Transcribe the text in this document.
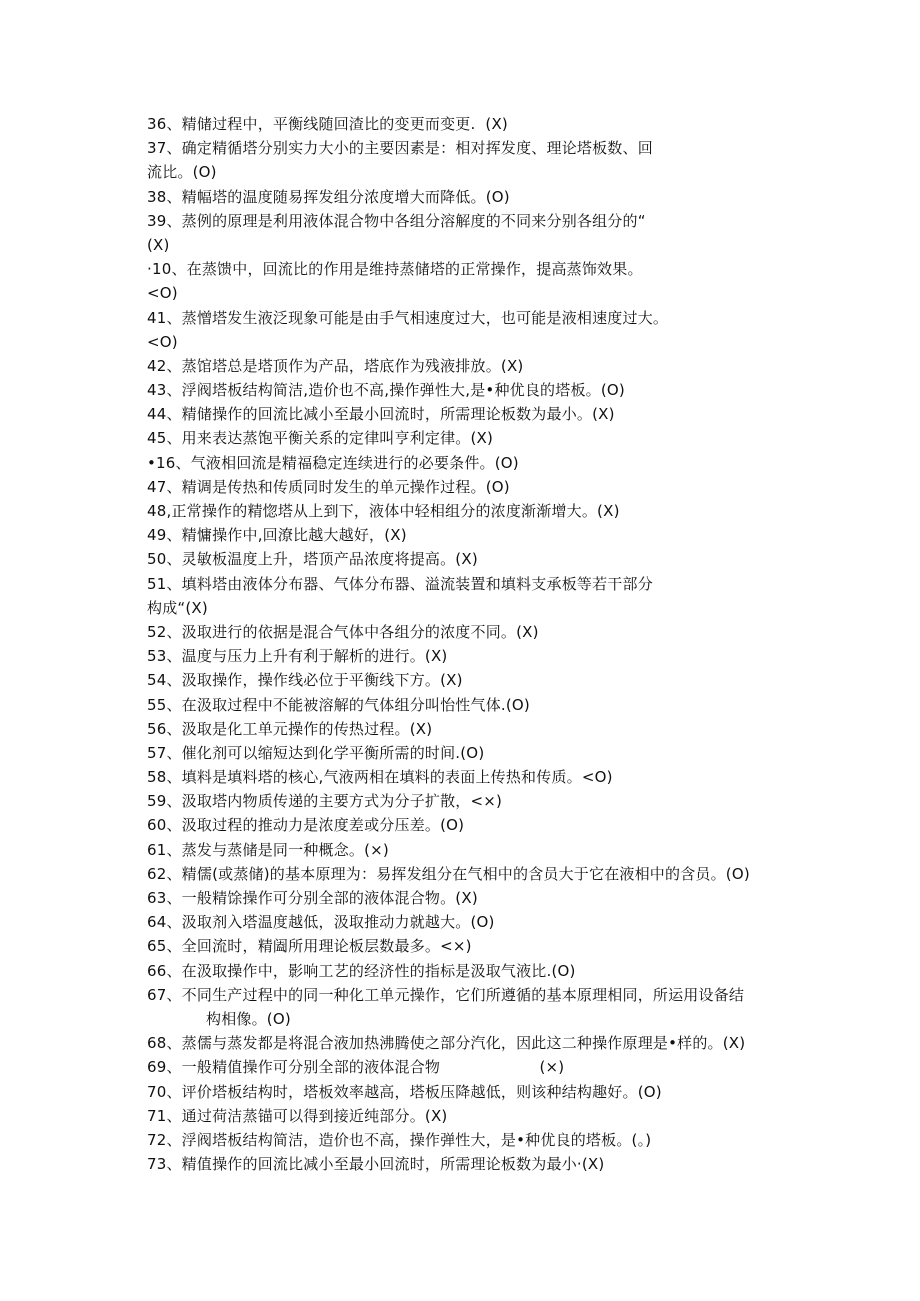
36、精储过程中，平衡线随回渣比的变更而变更.  (X)
37、确定精循塔分别实力大小的主要因素是：相对挥发度、理论塔板数、回
流比。(O)
38、精幅塔的温度随易挥发组分浓度增大而降低。(O)
39、蒸例的原理是利用液体混合物中各组分溶解度的不同来分别各组分的“
(X)
·10、在蒸馈中，回流比的作用是维持蒸储塔的正常操作，提高蒸饰效果。
<O)
41、蒸憎塔发生液泛现象可能是由手气相速度过大，也可能是液相速度过大。
<O)
42、蒸馆塔总是塔顶作为产品，塔底作为残液排放。(X)
43、浮阀塔板结构简洁,造价也不高,操作弹性大,是•种优良的塔板。(O)
44、精储操作的回流比减小至最小回流时，所需理论板数为最小。(X)
45、用来表达蒸饱平衡关系的定律叫亨利定律。(X)
•16、气液相回流是精福稳定连续进行的必要条件。(O)
47、精调是传热和传质同时发生的单元操作过程。(O)
48,正常操作的精惚塔从上到下，液体中轻相组分的浓度渐渐增大。(X)
49、精慵操作中,回潦比越大越好，(X)
50、灵敏板温度上升，塔顶产品浓度将提高。(X)
51、填料塔由液体分布器、气体分布器、溢流装置和填料支承板等若干部分
构成“(X)
52、汲取进行的依据是混合气体中各组分的浓度不同。(X)
53、温度与压力上升有利于解析的进行。(X)
54、汲取操作，操作线必位于平衡线下方。(X)
55、在汲取过程中不能被溶解的气体组分叫怡性气体.(O)
56、汲取是化工单元操作的传热过程。(X)
57、催化剂可以缩短达到化学平衡所需的时间.(O)
58、填料是填料塔的核心,气液两相在填料的表面上传热和传质。<O)
59、汲取塔内物质传递的主要方式为分子扩散，<×)
60、汲取过程的推动力是浓度差或分压差。(O)
61、蒸发与蒸储是同一种概念。(×)
62、精儒(或蒸储)的基本原理为：易挥发组分在气相中的含员大于它在液相中的含员。(O)
63、一般精馀操作可分别全部的液体混合物。(X)
64、汲取剂入塔温度越低，汲取推动力就越大。(O)
65、全回流时，精阖所用理论板层数最多。<×)
66、在汲取操作中，影响工艺的经济性的指标是汲取气液比.(O)
67、不同生产过程中的同一种化工单元操作，它们所遵循的基本原理相同，所运用设备结
构相像。(O)
68、蒸儒与蒸发都是将混合液加热沸腾使之部分汽化，因此这二种操作原理是•样的。(X)
69、一般精值操作可分别全部的液体混合物                    (×)
70、评价塔板结构时，塔板效率越高，塔板压降越低，则该种结构趣好。(O)
71、通过荷洁蒸锚可以得到接近纯部分。(X)
72、浮阀塔板结构简洁，造价也不高，操作弹性大，是•种优良的塔板。(。)
73、精值操作的回流比减小至最小回流时，所需理论板数为最小·(X)
